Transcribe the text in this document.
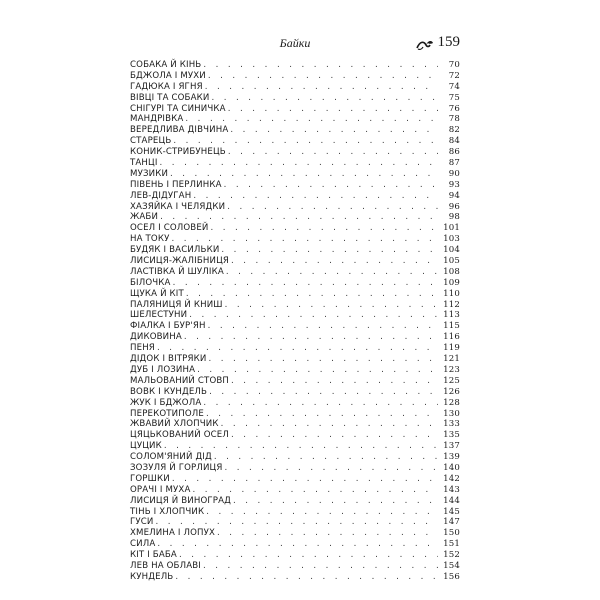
Байки	159
СОБАКА Й КІНЬ . . .	70
БДЖОЛА І МУХИ . . .	72
ГАДЮКА І ЯГНЯ . . .	74
ВІВЦІ ТА СОБАКИ . . .	75
СНІГУРІ ТА СИНИЧКА . . .	76
МАНДРІВКА . . .	78
ВЕРЕДЛИВА ДІВЧИНА . . .	82
СТАРЕЦЬ . . .	84
КОНИК-СТРИБУНЕЦЬ . . .	86
ТАНЦІ . . .	87
МУЗИКИ . . .	90
ПІВЕНЬ І ПЕРЛИНКА . . .	93
ЛЕВ-ДІДУГАН . . .	94
ХАЗЯЙКА І ЧЕЛЯДКИ . . .	96
ЖАБИ . . .	98
ОСЕЛ І СОЛОВЕЙ . . .	101
НА ТОКУ . . .	103
БУДЯК І ВАСИЛЬКИ . . .	104
ЛИСИЦЯ-ЖАЛІБНИЦЯ . . .	105
ЛАСТІВКА Й ШУЛІКА . . .	108
БІЛОЧКА . . .	109
ЩУКА Й КІТ . . .	110
ПАЛЯНИЦЯ Й КНИШ . . .	112
ШЕЛЕСТУНИ . . .	113
ФІАЛКА І БУР'ЯН . . .	115
ДИКОВИНА . . .	116
ПЕНЯ . . .	119
ДІДОК І ВІТРЯКИ . . .	121
ДУБ І ЛОЗИНА . . .	123
МАЛЬОВАНИЙ СТОВП . . .	125
ВОВК І КУНДЕЛЬ . . .	126
ЖУК І БДЖОЛА . . .	128
ПЕРЕКОТИПОЛЕ . . .	130
ЖВАВИЙ ХЛОПЧИК . . .	133
ЦЯЦЬКОВАНИЙ ОСЕЛ . . .	135
ЦУЦИК . . .	137
СОЛОМ'ЯНИЙ ДІД . . .	139
ЗОЗУЛЯ Й ГОРЛИЦЯ . . .	140
ГОРШКИ . . .	142
ОРАЧІ І МУХА . . .	143
ЛИСИЦЯ Й ВИНОГРАД . . .	144
ТІНЬ І ХЛОПЧИК . . .	145
ГУСИ . . .	147
ХМЕЛИНА І ЛОПУХ . . .	150
СИЛА . . .	151
КІТ І БАБА . . .	152
ЛЕВ НА ОБЛАВІ . . .	154
КУНДЕЛЬ . . .	156
